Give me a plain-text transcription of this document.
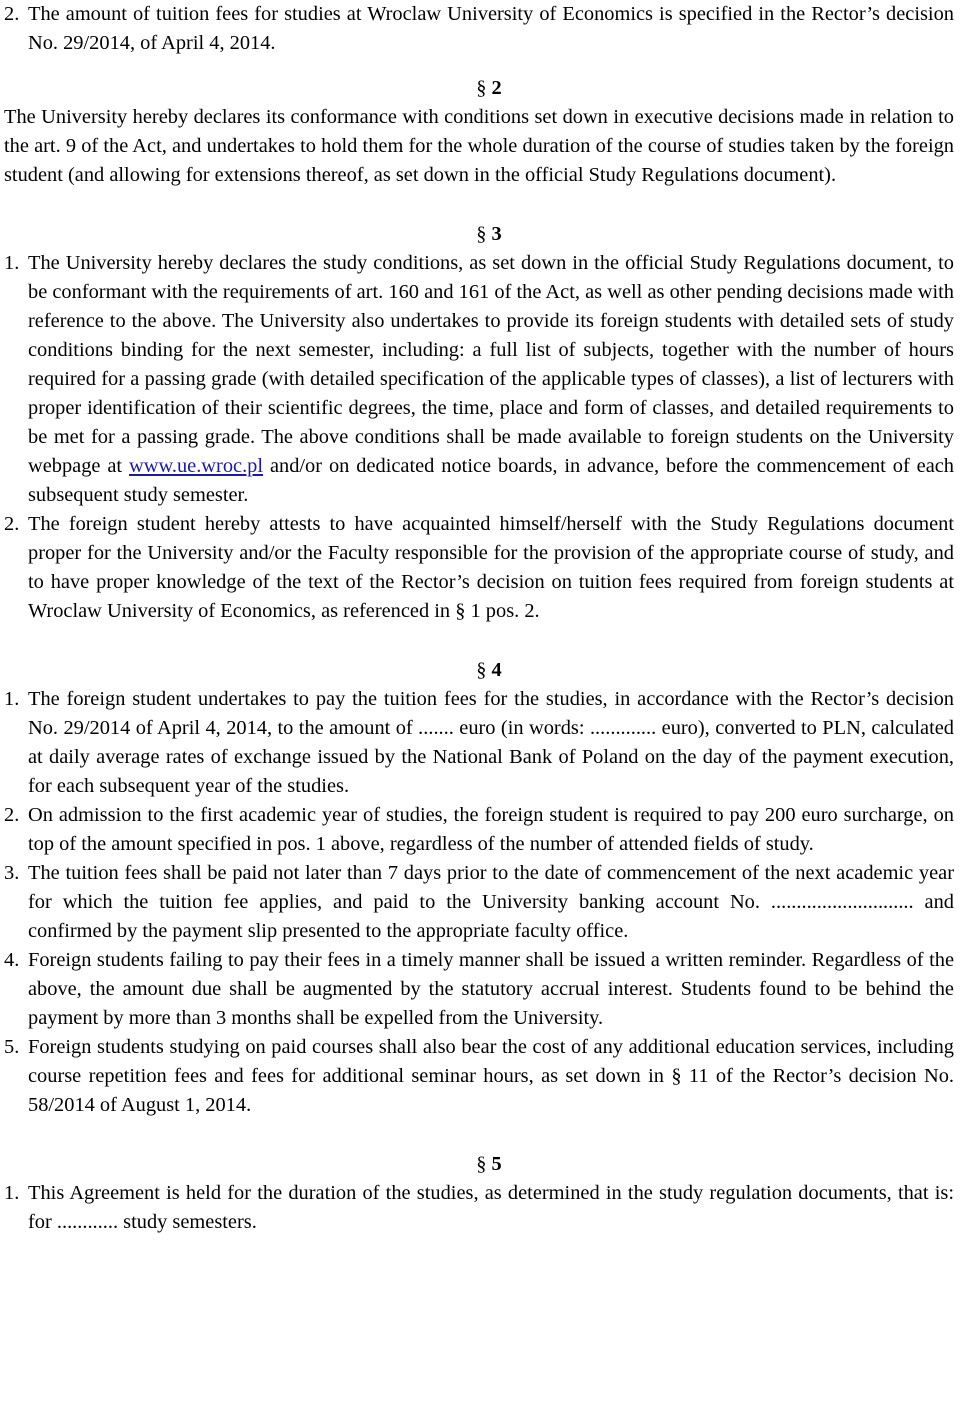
2. The amount of tuition fees for studies at Wroclaw University of Economics is specified in the Rector’s decision No. 29/2014, of April 4, 2014.

§ 2

The University hereby declares its conformance with conditions set down in executive decisions made in relation to the art. 9 of the Act, and undertakes to hold them for the whole duration of the course of studies taken by the foreign student (and allowing for extensions thereof, as set down in the official Study Regulations document).

§ 3

1. The University hereby declares the study conditions, as set down in the official Study Regulations document, to be conformant with the requirements of art. 160 and 161 of the Act, as well as other pending decisions made with reference to the above. The University also undertakes to provide its foreign students with detailed sets of study conditions binding for the next semester, including: a full list of subjects, together with the number of hours required for a passing grade (with detailed specification of the applicable types of classes), a list of lecturers with proper identification of their scientific degrees, the time, place and form of classes, and detailed requirements to be met for a passing grade. The above conditions shall be made available to foreign students on the University webpage at www.ue.wroc.pl and/or on dedicated notice boards, in advance, before the commencement of each subsequent study semester.

2. The foreign student hereby attests to have acquainted himself/herself with the Study Regulations document proper for the University and/or the Faculty responsible for the provision of the appropriate course of study, and to have proper knowledge of the text of the Rector’s decision on tuition fees required from foreign students at Wroclaw University of Economics, as referenced in § 1 pos. 2.

§ 4

1. The foreign student undertakes to pay the tuition fees for the studies, in accordance with the Rector’s decision No. 29/2014 of April 4, 2014, to the amount of ....... euro (in words: ............. euro), converted to PLN, calculated at daily average rates of exchange issued by the National Bank of Poland on the day of the payment execution, for each subsequent year of the studies.

2. On admission to the first academic year of studies, the foreign student is required to pay 200 euro surcharge, on top of the amount specified in pos. 1 above, regardless of the number of attended fields of study.

3. The tuition fees shall be paid not later than 7 days prior to the date of commencement of the next academic year for which the tuition fee applies, and paid to the University banking account No. ............................ and confirmed by the payment slip presented to the appropriate faculty office.

4. Foreign students failing to pay their fees in a timely manner shall be issued a written reminder. Regardless of the above, the amount due shall be augmented by the statutory accrual interest. Students found to be behind the payment by more than 3 months shall be expelled from the University.

5. Foreign students studying on paid courses shall also bear the cost of any additional education services, including course repetition fees and fees for additional seminar hours, as set down in § 11 of the Rector’s decision No. 58/2014 of August 1, 2014.

§ 5

1. This Agreement is held for the duration of the studies, as determined in the study regulation documents, that is: for ............ study semesters.
